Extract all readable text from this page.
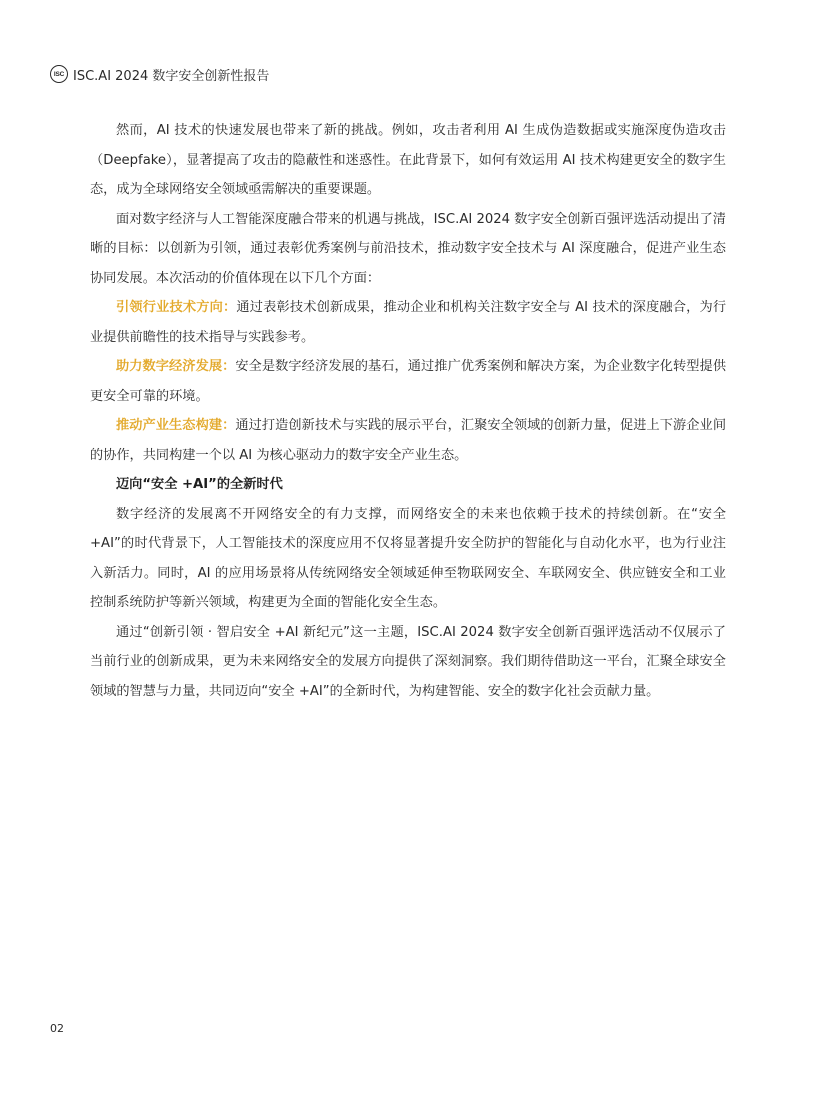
ISC ISC.AI 2024 数字安全创新性报告

然而，AI 技术的快速发展也带来了新的挑战。例如，攻击者利用 AI 生成伪造数据或实施深度伪造攻击（Deepfake），显著提高了攻击的隐蔽性和迷惑性。在此背景下，如何有效运用 AI 技术构建更安全的数字生态，成为全球网络安全领域亟需解决的重要课题。

面对数字经济与人工智能深度融合带来的机遇与挑战，ISC.AI 2024 数字安全创新百强评选活动提出了清晰的目标：以创新为引领，通过表彰优秀案例与前沿技术，推动数字安全技术与 AI 深度融合，促进产业生态协同发展。本次活动的价值体现在以下几个方面：

引领行业技术方向：通过表彰技术创新成果，推动企业和机构关注数字安全与 AI 技术的深度融合，为行业提供前瞻性的技术指导与实践参考。

助力数字经济发展：安全是数字经济发展的基石，通过推广优秀案例和解决方案，为企业数字化转型提供更安全可靠的环境。

推动产业生态构建：通过打造创新技术与实践的展示平台，汇聚安全领域的创新力量，促进上下游企业间的协作，共同构建一个以 AI 为核心驱动力的数字安全产业生态。

迈向“安全 +AI”的全新时代

数字经济的发展离不开网络安全的有力支撑，而网络安全的未来也依赖于技术的持续创新。在“安全 +AI”的时代背景下，人工智能技术的深度应用不仅将显著提升安全防护的智能化与自动化水平，也为行业注入新活力。同时，AI 的应用场景将从传统网络安全领域延伸至物联网安全、车联网安全、供应链安全和工业控制系统防护等新兴领域，构建更为全面的智能化安全生态。

通过“创新引领 · 智启安全 +AI 新纪元”这一主题，ISC.AI 2024 数字安全创新百强评选活动不仅展示了当前行业的创新成果，更为未来网络安全的发展方向提供了深刻洞察。我们期待借助这一平台，汇聚全球安全领域的智慧与力量，共同迈向“安全 +AI”的全新时代，为构建智能、安全的数字化社会贡献力量。

02
